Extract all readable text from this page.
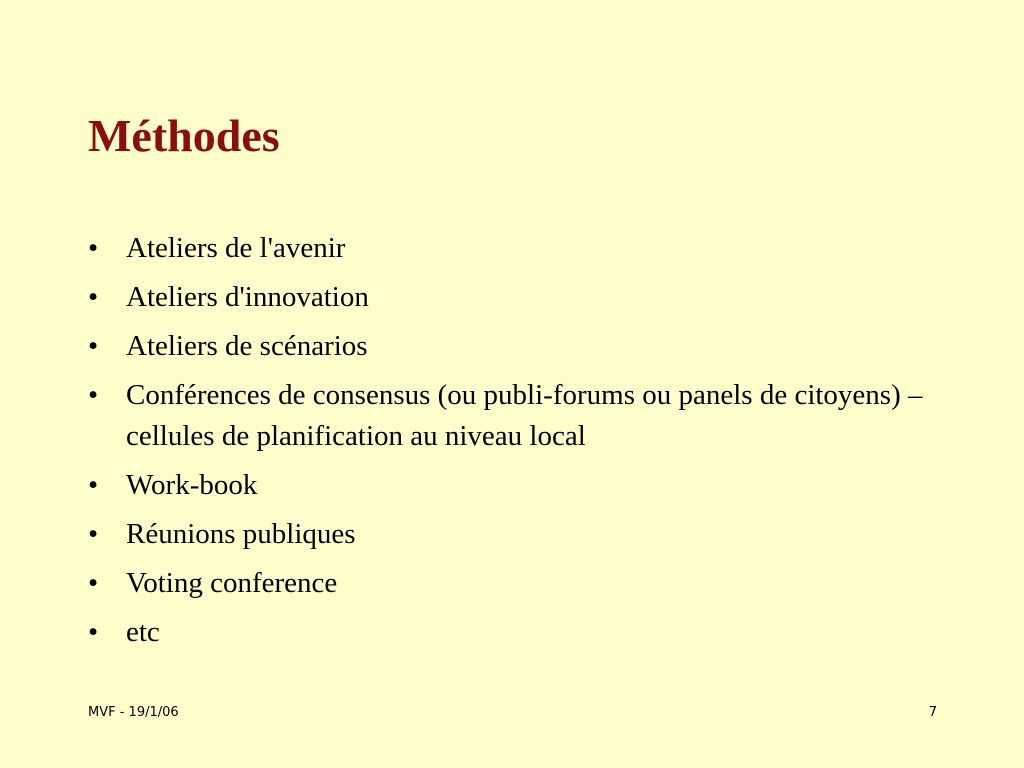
Méthodes
• Ateliers de l'avenir
• Ateliers d'innovation
• Ateliers de scénarios
• Conférences de consensus (ou publi-forums ou panels de citoyens) – cellules de planification au niveau local
• Work-book
• Réunions publiques
• Voting conference
• etc
MVF - 19/1/06	7
